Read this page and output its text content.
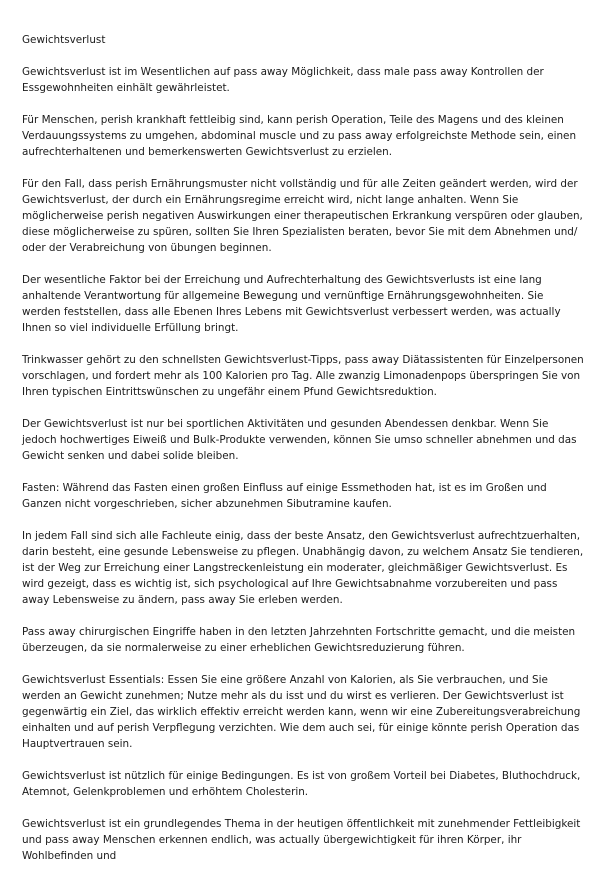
Gewichtsverlust

Gewichtsverlust ist im Wesentlichen auf pass away Möglichkeit, dass male pass away Kontrollen der Essgewohnheiten einhält gewährleistet.

Für Menschen, perish krankhaft fettleibig sind, kann perish Operation, Teile des Magens und des kleinen Verdauungssystems zu umgehen, abdominal muscle und zu pass away erfolgreichste Methode sein, einen aufrechterhaltenen und bemerkenswerten Gewichtsverlust zu erzielen.

Für den Fall, dass perish Ernährungsmuster nicht vollständig und für alle Zeiten geändert werden, wird der Gewichtsverlust, der durch ein Ernährungsregime erreicht wird, nicht lange anhalten. Wenn Sie möglicherweise perish negativen Auswirkungen einer therapeutischen Erkrankung verspüren oder glauben, diese möglicherweise zu spüren, sollten Sie Ihren Spezialisten beraten, bevor Sie mit dem Abnehmen und/ oder der Verabreichung von übungen beginnen.

Der wesentliche Faktor bei der Erreichung und Aufrechterhaltung des Gewichtsverlusts ist eine lang anhaltende Verantwortung für allgemeine Bewegung und vernünftige Ernährungsgewohnheiten. Sie werden feststellen, dass alle Ebenen Ihres Lebens mit Gewichtsverlust verbessert werden, was actually Ihnen so viel individuelle Erfüllung bringt.

Trinkwasser gehört zu den schnellsten Gewichtsverlust-Tipps, pass away Diätassistenten für Einzelpersonen vorschlagen, und fordert mehr als 100 Kalorien pro Tag. Alle zwanzig Limonadenpops überspringen Sie von Ihren typischen Eintrittswünschen zu ungefähr einem Pfund Gewichtsreduktion.

Der Gewichtsverlust ist nur bei sportlichen Aktivitäten und gesunden Abendessen denkbar. Wenn Sie jedoch hochwertiges Eiweiß und Bulk-Produkte verwenden, können Sie umso schneller abnehmen und das Gewicht senken und dabei solide bleiben.

Fasten: Während das Fasten einen großen Einfluss auf einige Essmethoden hat, ist es im Großen und Ganzen nicht vorgeschrieben, sicher abzunehmen Sibutramine kaufen.

In jedem Fall sind sich alle Fachleute einig, dass der beste Ansatz, den Gewichtsverlust aufrechtzuerhalten, darin besteht, eine gesunde Lebensweise zu pflegen. Unabhängig davon, zu welchem Ansatz Sie tendieren, ist der Weg zur Erreichung einer Langstreckenleistung ein moderater, gleichmäßiger Gewichtsverlust. Es wird gezeigt, dass es wichtig ist, sich psychological auf Ihre Gewichtsabnahme vorzubereiten und pass away Lebensweise zu ändern, pass away Sie erleben werden.

Pass away chirurgischen Eingriffe haben in den letzten Jahrzehnten Fortschritte gemacht, und die meisten überzeugen, da sie normalerweise zu einer erheblichen Gewichtsreduzierung führen.

Gewichtsverlust Essentials: Essen Sie eine größere Anzahl von Kalorien, als Sie verbrauchen, und Sie werden an Gewicht zunehmen; Nutze mehr als du isst und du wirst es verlieren. Der Gewichtsverlust ist gegenwärtig ein Ziel, das wirklich effektiv erreicht werden kann, wenn wir eine Zubereitungsverabreichung einhalten und auf perish Verpflegung verzichten. Wie dem auch sei, für einige könnte perish Operation das Hauptvertrauen sein.

Gewichtsverlust ist nützlich für einige Bedingungen. Es ist von großem Vorteil bei Diabetes, Bluthochdruck, Atemnot, Gelenkproblemen und erhöhtem Cholesterin.

Gewichtsverlust ist ein grundlegendes Thema in der heutigen öffentlichkeit mit zunehmender Fettleibigkeit und pass away Menschen erkennen endlich, was actually übergewichtigkeit für ihren Körper, ihr Wohlbefinden und
